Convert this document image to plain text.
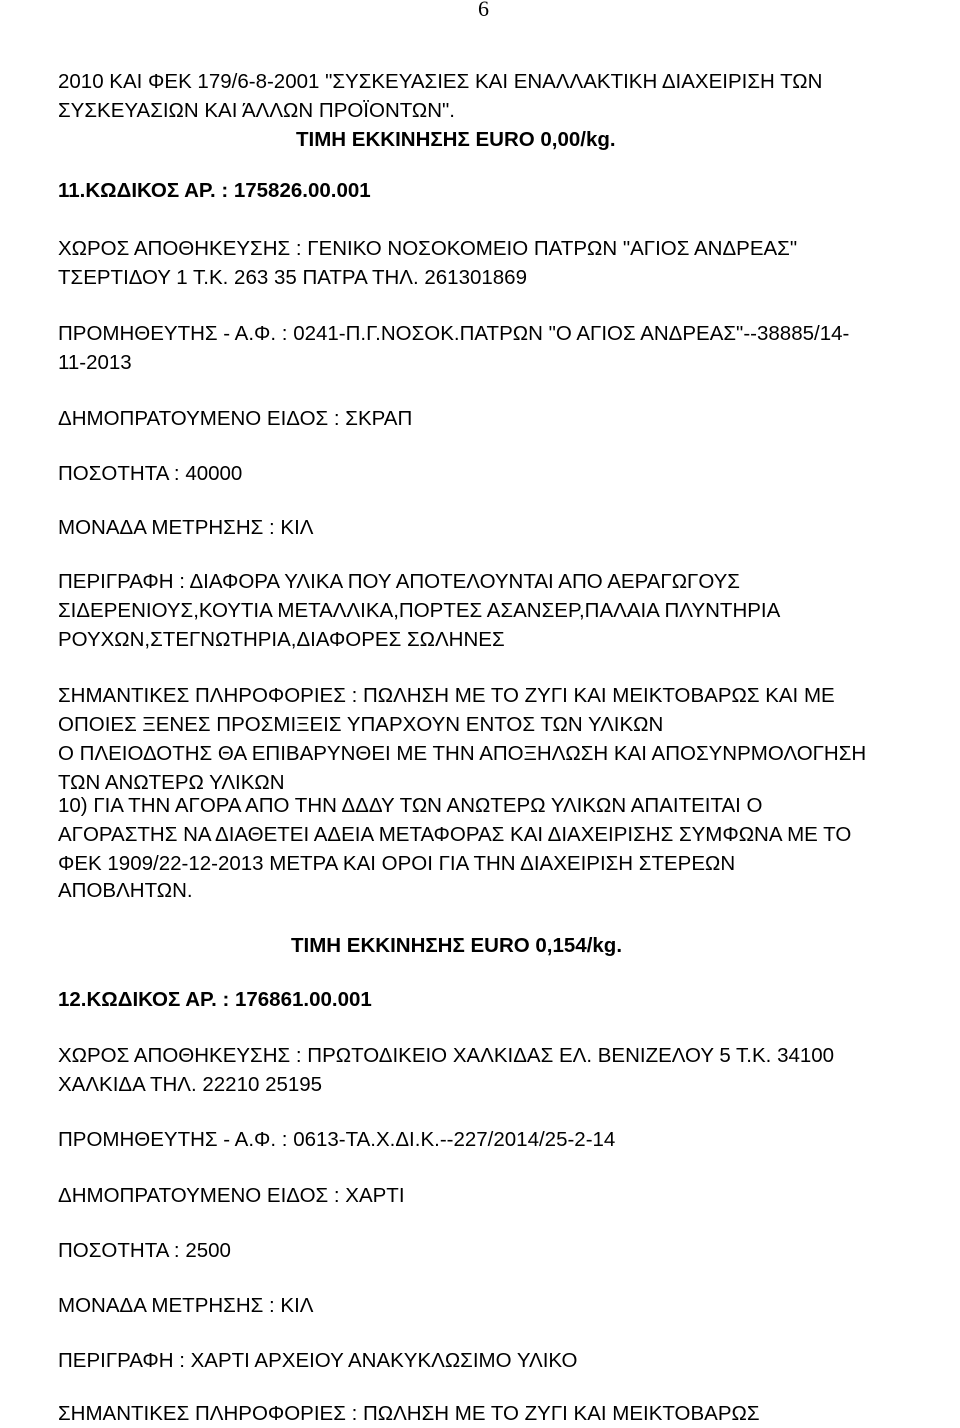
6
2010 ΚΑΙ ΦΕΚ 179/6-8-2001 "ΣΥΣΚΕΥΑΣΙΕΣ ΚΑΙ ΕΝΑΛΛΑΚΤΙΚΗ ΔΙΑΧΕΙΡΙΣΗ ΤΩΝ
ΣΥΣΚΕΥΑΣΙΩΝ ΚΑΙ ΆΛΛΩΝ ΠΡΟΪΟΝΤΩΝ".
ΤΙΜΗ ΕΚΚΙΝΗΣΗΣ EURO 0,00/kg.
11.ΚΩΔΙΚΟΣ ΑΡ. : 175826.00.001
ΧΩΡΟΣ ΑΠΟΘΗΚΕΥΣΗΣ : ΓΕΝΙΚΟ ΝΟΣΟΚΟΜΕΙΟ ΠΑΤΡΩΝ "ΑΓΙΟΣ ΑΝΔΡΕΑΣ"
ΤΣΕΡΤΙΔΟΥ 1 Τ.Κ. 263 35 ΠΑΤΡΑ ΤΗΛ. 261301869
ΠΡΟΜΗΘΕΥΤΗΣ - Α.Φ. : 0241-Π.Γ.ΝΟΣΟΚ.ΠΑΤΡΩΝ "Ο ΑΓΙΟΣ ΑΝΔΡΕΑΣ"--38885/14-
11-2013
ΔΗΜΟΠΡΑΤΟΥΜΕΝΟ ΕΙΔΟΣ : ΣΚΡΑΠ
ΠΟΣΟΤΗΤΑ : 40000
ΜΟΝΑΔΑ ΜΕΤΡΗΣΗΣ : ΚΙΛ
ΠΕΡΙΓΡΑΦΗ : ΔΙΑΦΟΡΑ ΥΛΙΚΑ ΠΟΥ ΑΠΟΤΕΛΟΥΝΤΑΙ ΑΠΟ ΑΕΡΑΓΩΓΟΥΣ
ΣΙΔΕΡΕΝΙΟΥΣ,ΚΟΥΤΙΑ ΜΕΤΑΛΛΙΚΑ,ΠΟΡΤΕΣ ΑΣΑΝΣΕΡ,ΠΑΛΑΙΑ ΠΛΥΝΤΗΡΙΑ
ΡΟΥΧΩΝ,ΣΤΕΓΝΩΤΗΡΙΑ,ΔΙΑΦΟΡΕΣ ΣΩΛΗΝΕΣ
ΣΗΜΑΝΤΙΚΕΣ ΠΛΗΡΟΦΟΡΙΕΣ : ΠΩΛΗΣΗ ΜΕ ΤΟ ΖΥΓΙ ΚΑΙ ΜΕΙΚΤΟΒΑΡΩΣ ΚΑΙ ΜΕ
ΟΠΟΙΕΣ ΞΕΝΕΣ ΠΡΟΣΜΙΞΕΙΣ ΥΠΑΡΧΟΥΝ ΕΝΤΟΣ ΤΩΝ ΥΛΙΚΩΝ
Ο ΠΛΕΙΟΔΟΤΗΣ ΘΑ ΕΠΙΒΑΡΥΝΘΕΙ ΜΕ ΤΗΝ ΑΠΟΞΗΛΩΣΗ ΚΑΙ ΑΠΟΣΥΝΡΜΟΛΟΓΗΣΗ
ΤΩΝ ΑΝΩΤΕΡΩ ΥΛΙΚΩΝ
10) ΓΙΑ ΤΗΝ ΑΓΟΡΑ ΑΠΟ ΤΗΝ ΔΔΔΥ ΤΩΝ ΑΝΩΤΕΡΩ ΥΛΙΚΩΝ ΑΠΑΙΤΕΙΤΑΙ Ο
ΑΓΟΡΑΣΤΗΣ ΝΑ ΔΙΑΘΕΤΕΙ ΑΔΕΙΑ ΜΕΤΑΦΟΡΑΣ ΚΑΙ ΔΙΑΧΕΙΡΙΣΗΣ ΣΥΜΦΩΝΑ ΜΕ ΤΟ
ΦΕΚ 1909/22-12-2013 ΜΕΤΡΑ ΚΑΙ ΟΡΟΙ ΓΙΑ ΤΗΝ ΔΙΑΧΕΙΡΙΣΗ ΣΤΕΡΕΩΝ
ΑΠΟΒΛΗΤΩΝ.
ΤΙΜΗ ΕΚΚΙΝΗΣΗΣ EURO 0,154/kg.
12.ΚΩΔΙΚΟΣ ΑΡ. : 176861.00.001
ΧΩΡΟΣ ΑΠΟΘΗΚΕΥΣΗΣ : ΠΡΩΤΟΔΙΚΕΙΟ ΧΑΛΚΙΔΑΣ ΕΛ. ΒΕΝΙΖΕΛΟΥ 5 Τ.Κ. 34100
ΧΑΛΚΙΔΑ ΤΗΛ. 22210 25195
ΠΡΟΜΗΘΕΥΤΗΣ - Α.Φ. : 0613-ΤΑ.Χ.ΔΙ.Κ.--227/2014/25-2-14
ΔΗΜΟΠΡΑΤΟΥΜΕΝΟ ΕΙΔΟΣ : ΧΑΡΤΙ
ΠΟΣΟΤΗΤΑ : 2500
ΜΟΝΑΔΑ ΜΕΤΡΗΣΗΣ : ΚΙΛ
ΠΕΡΙΓΡΑΦΗ : ΧΑΡΤΙ ΑΡΧΕΙΟΥ ΑΝΑΚΥΚΛΩΣΙΜΟ ΥΛΙΚΟ
ΣΗΜΑΝΤΙΚΕΣ ΠΛΗΡΟΦΟΡΙΕΣ : ΠΩΛΗΣΗ ΜΕ ΤΟ ΖΥΓΙ ΚΑΙ ΜΕΙΚΤΟΒΑΡΩΣ
